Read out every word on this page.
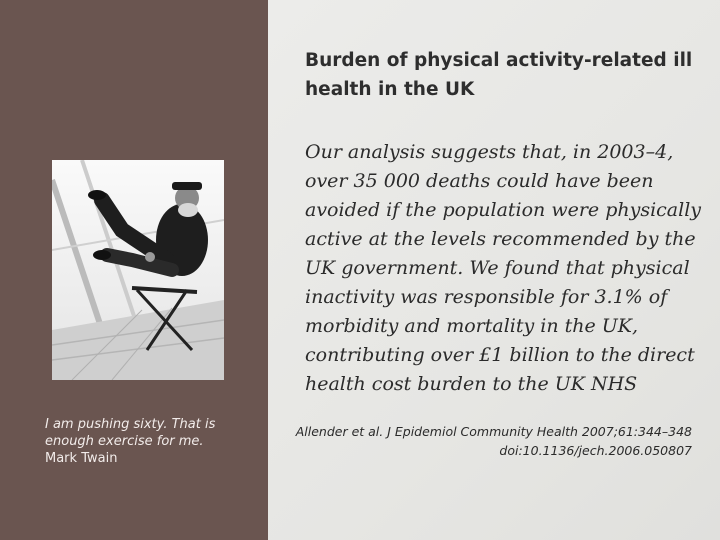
I am pushing sixty. That is enough exercise for me.
Mark Twain
Burden of physical activity-related ill health in the UK
Our analysis suggests that, in 2003–4, over 35 000 deaths could have been avoided if the population were physically active at the levels recommended by the UK government. We found that physical inactivity was responsible for 3.1% of morbidity and mortality in the UK, contributing over £1 billion to the direct health cost burden to the UK NHS
Allender et al. J Epidemiol Community Health 2007;61:344–348
doi:10.1136/jech.2006.050807
